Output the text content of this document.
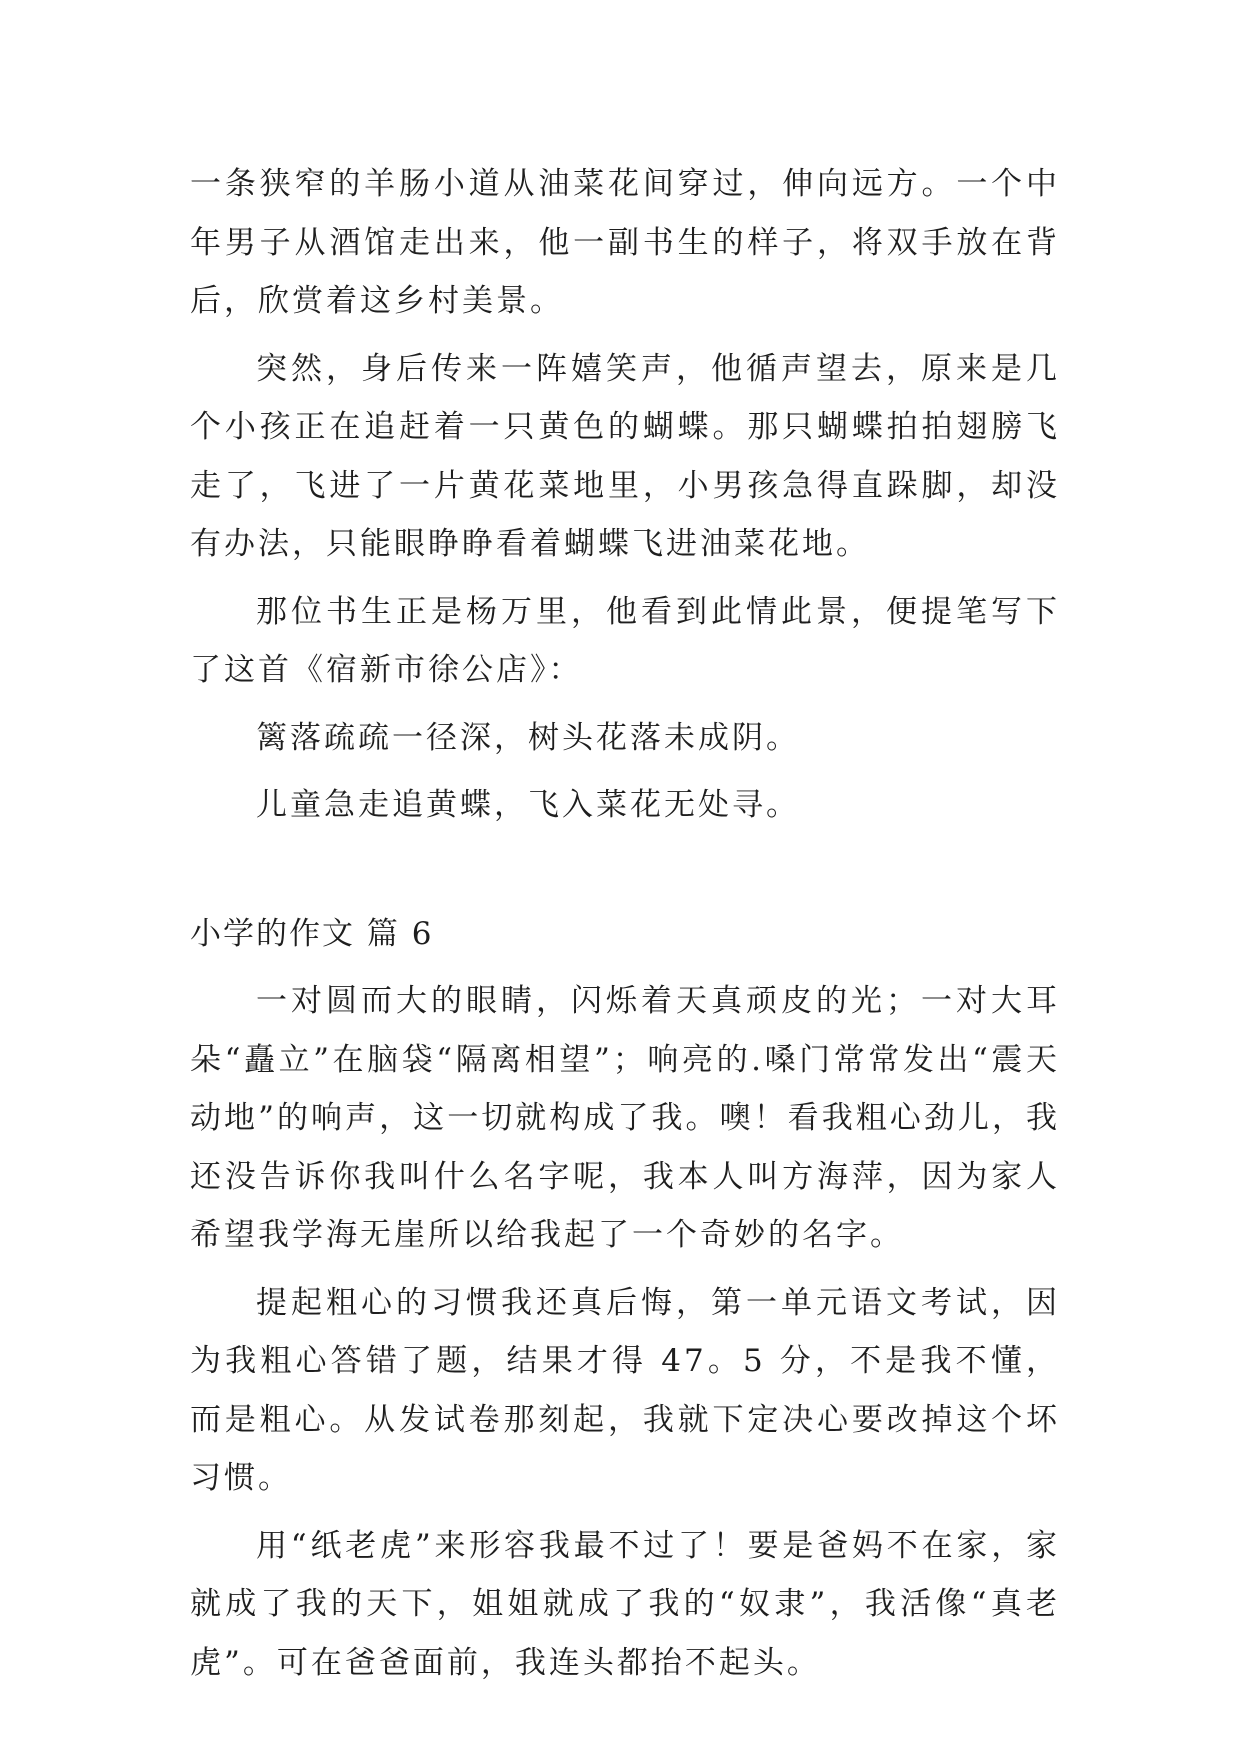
一条狭窄的羊肠小道从油菜花间穿过，伸向远方。一个中年男子从酒馆走出来，他一副书生的样子，将双手放在背后，欣赏着这乡村美景。

突然，身后传来一阵嬉笑声，他循声望去，原来是几个小孩正在追赶着一只黄色的蝴蝶。那只蝴蝶拍拍翅膀飞走了，飞进了一片黄花菜地里，小男孩急得直跺脚，却没有办法，只能眼睁睁看着蝴蝶飞进油菜花地。

那位书生正是杨万里，他看到此情此景，便提笔写下了这首《宿新市徐公店》：

篱落疏疏一径深，树头花落未成阴。

儿童急走追黄蝶，飞入菜花无处寻。

小学的作文 篇 6

一对圆而大的眼睛，闪烁着天真顽皮的光；一对大耳朵“矗立”在脑袋“隔离相望”；响亮的.嗓门常常发出“震天动地”的响声，这一切就构成了我。噢！看我粗心劲儿，我还没告诉你我叫什么名字呢，我本人叫方海萍，因为家人希望我学海无崖所以给我起了一个奇妙的名字。

提起粗心的习惯我还真后悔，第一单元语文考试，因为我粗心答错了题，结果才得 47。5 分，不是我不懂，而是粗心。从发试卷那刻起，我就下定决心要改掉这个坏习惯。

用“纸老虎”来形容我最不过了！要是爸妈不在家，家就成了我的天下，姐姐就成了我的“奴隶”，我活像“真老虎”。可在爸爸面前，我连头都抬不起头。
